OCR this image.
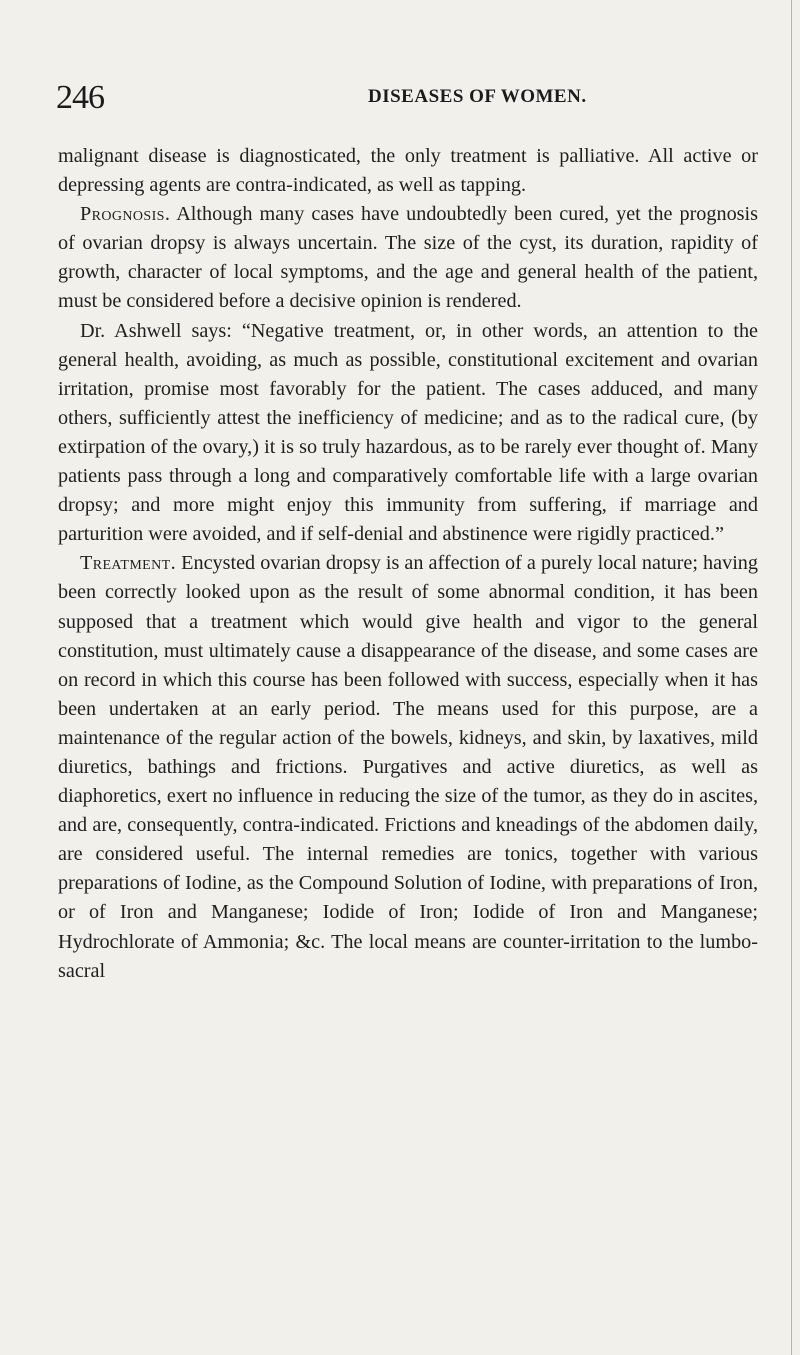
246	DISEASES OF WOMEN.

malignant disease is diagnosticated, the only treatment is palliative. All active or depressing agents are contra-indicated, as well as tapping.

Prognosis. Although many cases have undoubtedly been cured, yet the prognosis of ovarian dropsy is always uncertain. The size of the cyst, its duration, rapidity of growth, character of local symptoms, and the age and general health of the patient, must be considered before a decisive opinion is rendered.

Dr. Ashwell says: “Negative treatment, or, in other words, an attention to the general health, avoiding, as much as possible, constitutional excitement and ovarian irritation, promise most favorably for the patient. The cases adduced, and many others, sufficiently attest the inefficiency of medicine; and as to the radical cure, (by extirpation of the ovary,) it is so truly hazardous, as to be rarely ever thought of. Many patients pass through a long and comparatively comfortable life with a large ovarian dropsy; and more might enjoy this immunity from suffering, if marriage and parturition were avoided, and if self-denial and abstinence were rigidly practiced.”

Treatment. Encysted ovarian dropsy is an affection of a purely local nature; having been correctly looked upon as the result of some abnormal condition, it has been supposed that a treatment which would give health and vigor to the general constitution, must ultimately cause a disappearance of the disease, and some cases are on record in which this course has been followed with success, especially when it has been undertaken at an early period. The means used for this purpose, are a maintenance of the regular action of the bowels, kidneys, and skin, by laxatives, mild diuretics, bathings and frictions. Purgatives and active diuretics, as well as diaphoretics, exert no influence in reducing the size of the tumor, as they do in ascites, and are, consequently, contra-indicated. Frictions and kneadings of the abdomen daily, are considered useful. The internal remedies are tonics, together with various preparations of Iodine, as the Compound Solution of Iodine, with preparations of Iron, or of Iron and Manganese; Iodide of Iron; Iodide of Iron and Manganese; Hydrochlorate of Ammonia; &c. The local means are counter-irritation to the lumbo-sacral
